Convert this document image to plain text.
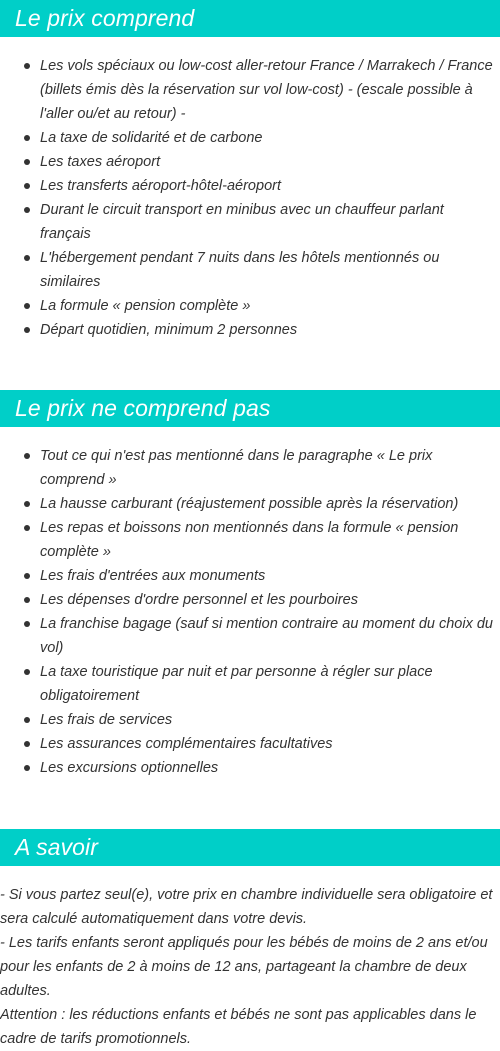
Le prix comprend
Les vols spéciaux ou low-cost aller-retour France / Marrakech / France (billets émis dès la réservation sur vol low-cost) - (escale possible à l'aller ou/et au retour) -
La taxe de solidarité et de carbone
Les taxes aéroport
Les transferts aéroport-hôtel-aéroport
Durant le circuit transport en minibus avec un chauffeur parlant français
L'hébergement pendant 7 nuits dans les hôtels mentionnés ou similaires
La formule « pension complète »
Départ quotidien, minimum 2 personnes
Le prix ne comprend pas
Tout ce qui n'est pas mentionné dans le paragraphe « Le prix comprend »
La hausse carburant (réajustement possible après la réservation)
Les repas et boissons non mentionnés dans la formule « pension complète »
Les frais d'entrées aux monuments
Les dépenses d'ordre personnel et les pourboires
La franchise bagage (sauf si mention contraire au moment du choix du vol)
La taxe touristique par nuit et par personne à régler sur place obligatoirement
Les frais de services
Les assurances complémentaires facultatives
Les excursions optionnelles
A savoir

- Si vous partez seul(e), votre prix en chambre individuelle sera obligatoire et sera calculé automatiquement dans votre devis.

- Les tarifs enfants seront appliqués pour les bébés de moins de 2 ans et/ou pour les enfants de 2 à moins de 12 ans, partageant la chambre de deux adultes.

Attention : les réductions enfants et bébés ne sont pas applicables dans le cadre de tarifs promotionnels.
